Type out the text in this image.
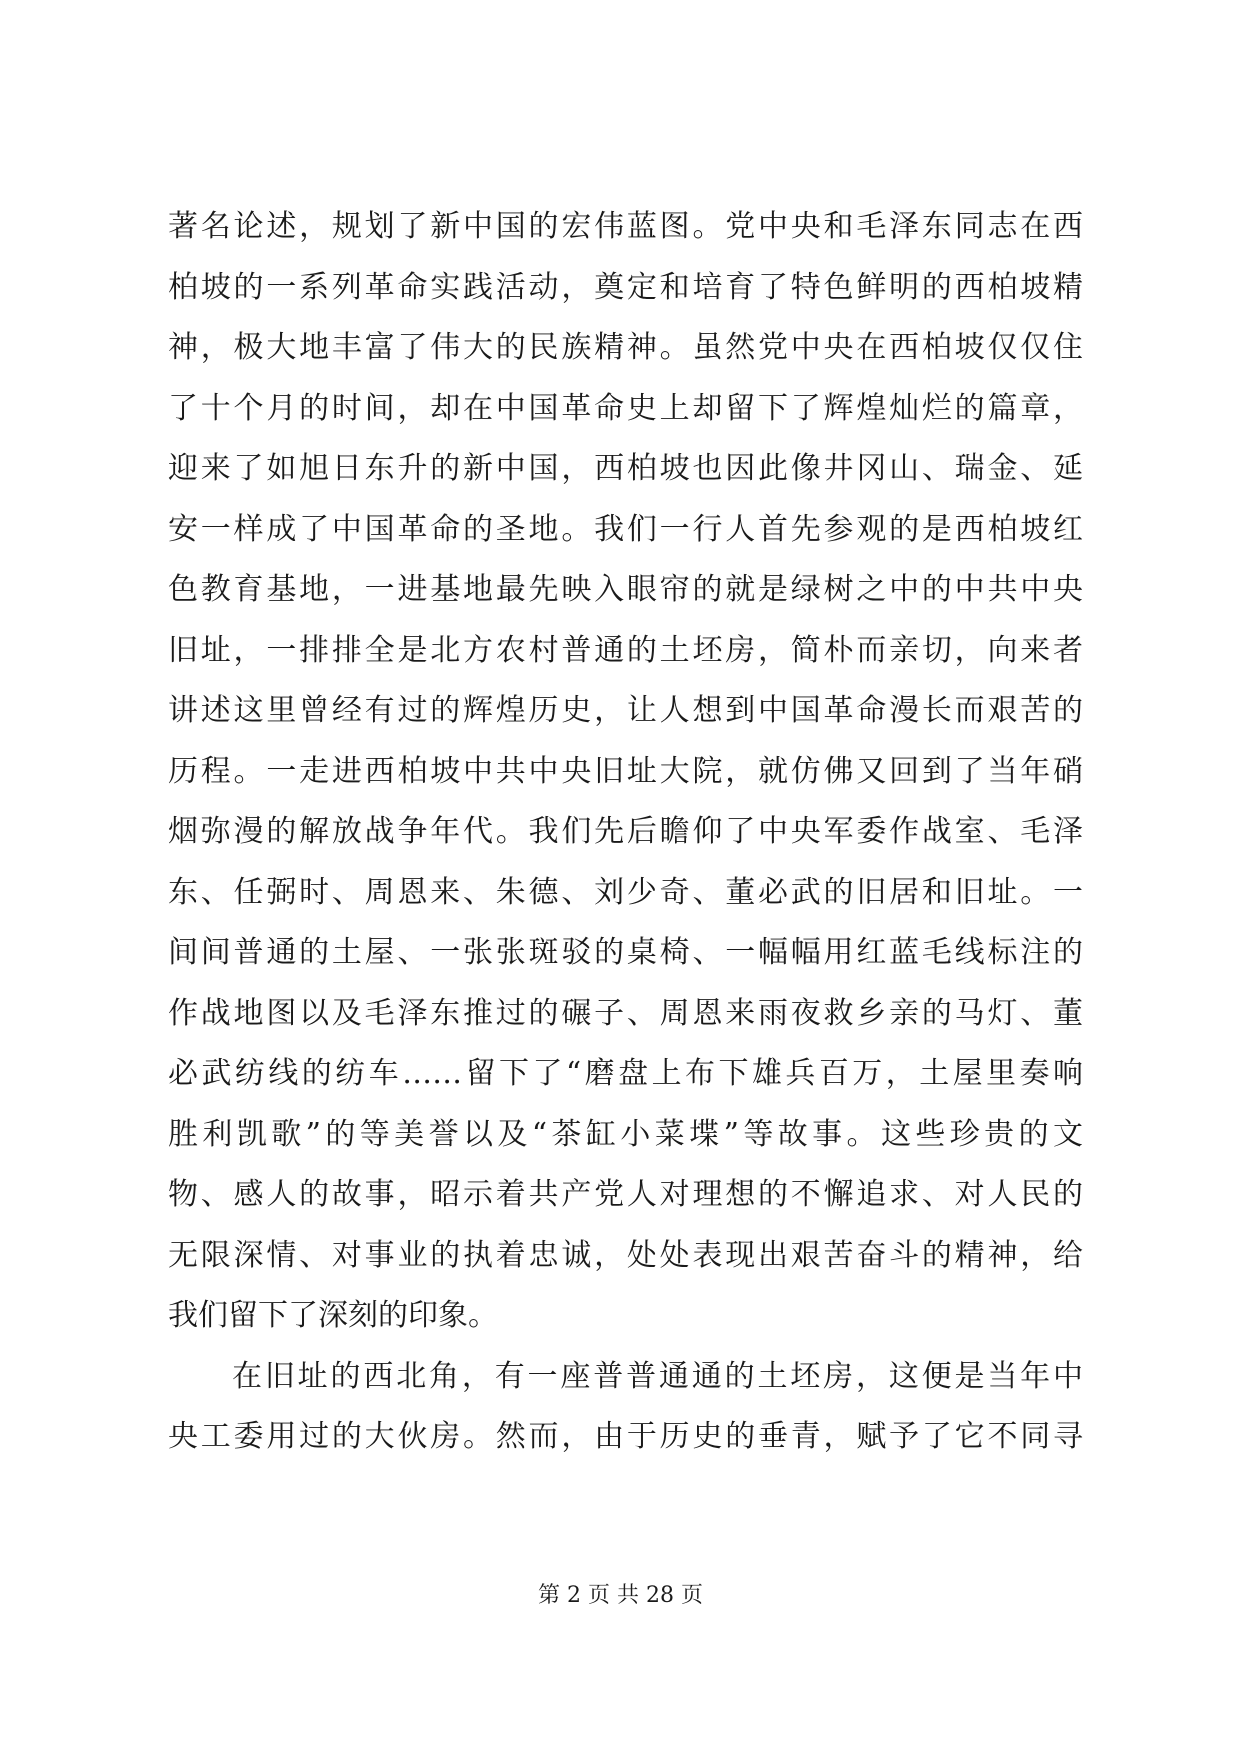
著名论述，规划了新中国的宏伟蓝图。党中央和毛泽东同志在西
柏坡的一系列革命实践活动，奠定和培育了特色鲜明的西柏坡精
神，极大地丰富了伟大的民族精神。虽然党中央在西柏坡仅仅住
了十个月的时间，却在中国革命史上却留下了辉煌灿烂的篇章，
迎来了如旭日东升的新中国，西柏坡也因此像井冈山、瑞金、延
安一样成了中国革命的圣地。我们一行人首先参观的是西柏坡红
色教育基地，一进基地最先映入眼帘的就是绿树之中的中共中央
旧址，一排排全是北方农村普通的土坯房，简朴而亲切，向来者
讲述这里曾经有过的辉煌历史，让人想到中国革命漫长而艰苦的
历程。一走进西柏坡中共中央旧址大院，就仿佛又回到了当年硝
烟弥漫的解放战争年代。我们先后瞻仰了中央军委作战室、毛泽
东、任弼时、周恩来、朱德、刘少奇、董必武的旧居和旧址。一
间间普通的土屋、一张张斑驳的桌椅、一幅幅用红蓝毛线标注的
作战地图以及毛泽东推过的碾子、周恩来雨夜救乡亲的马灯、董
必武纺线的纺车……留下了“磨盘上布下雄兵百万，土屋里奏响
胜利凯歌”的等美誉以及“茶缸小菜堞”等故事。这些珍贵的文
物、感人的故事，昭示着共产党人对理想的不懈追求、对人民的
无限深情、对事业的执着忠诚，处处表现出艰苦奋斗的精神，给
我们留下了深刻的印象。
在旧址的西北角，有一座普普通通的土坯房，这便是当年中
央工委用过的大伙房。然而，由于历史的垂青，赋予了它不同寻
第 2 页 共 28 页
